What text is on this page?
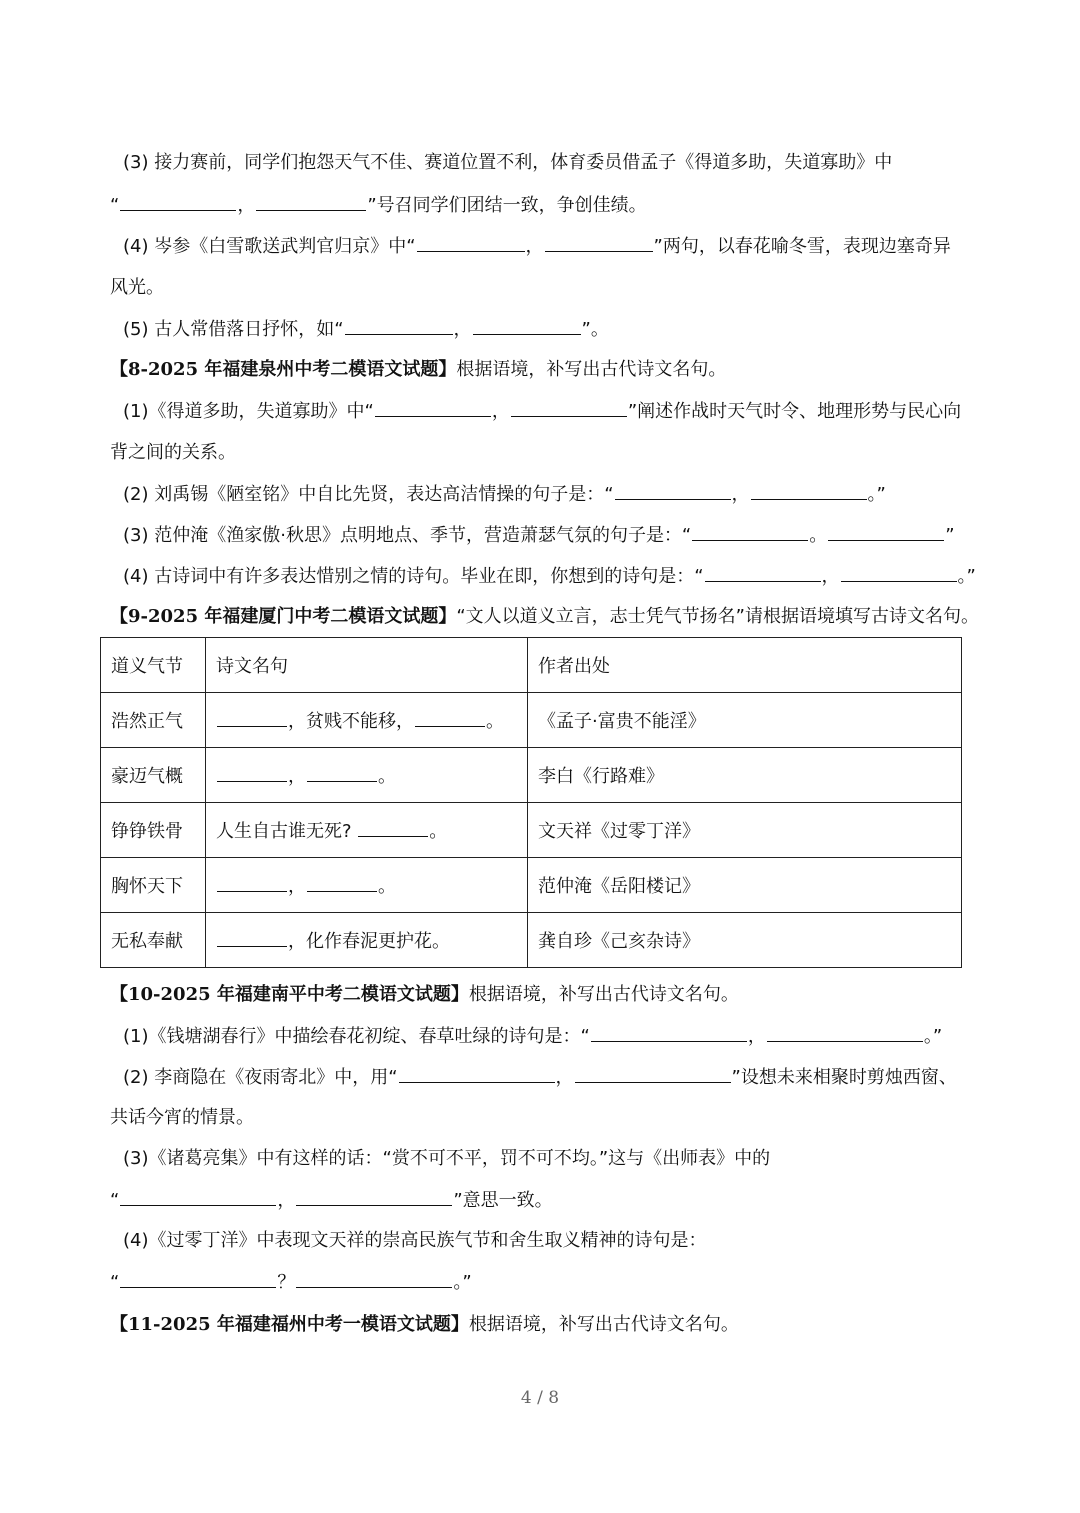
(3) 接力赛前，同学们抱怨天气不佳、赛道位置不利，体育委员借孟子《得道多助，失道寡助》中
“	，	”号召同学们团结一致，争创佳绩。
(4) 岑参《白雪歌送武判官归京》中“	，	”两句，以春花喻冬雪，表现边塞奇异
风光。
(5) 古人常借落日抒怀，如“	，	”。
【8-2025 年福建泉州中考二模语文试题】根据语境，补写出古代诗文名句。
(1)《得道多助，失道寡助》中“	，	”阐述作战时天气时令、地理形势与民心向
背之间的关系。
(2) 刘禹锡《陋室铭》中自比先贤，表达高洁情操的句子是：“	，	。”
(3) 范仲淹《渔家傲·秋思》点明地点、季节，营造萧瑟气氛的句子是：“	。	”
(4) 古诗词中有许多表达惜别之情的诗句。毕业在即，你想到的诗句是：“	，	。”
【9-2025 年福建厦门中考二模语文试题】“文人以道义立言，志士凭气节扬名”请根据语境填写古诗文名句。
道义气节	诗文名句	作者出处
浩然正气	，贫贱不能移， 。	《孟子·富贵不能淫》
豪迈气概	， 。	李白《行路难》
铮铮铁骨	人生自古谁无死? 。	文天祥《过零丁洋》
胸怀天下	， 。	范仲淹《岳阳楼记》
无私奉献	，化作春泥更护花。	龚自珍《己亥杂诗》
【10-2025 年福建南平中考二模语文试题】根据语境，补写出古代诗文名句。
(1)《钱塘湖春行》中描绘春花初绽、春草吐绿的诗句是：“	，	。”
(2) 李商隐在《夜雨寄北》中，用“	，	”设想未来相聚时剪烛西窗、
共话今宵的情景。
(3)《诸葛亮集》中有这样的话：“赏不可不平，罚不可不均。”这与《出师表》中的
“	，	”意思一致。
(4)《过零丁洋》中表现文天祥的崇高民族气节和舍生取义精神的诗句是：
“	？	。”
【11-2025 年福建福州中考一模语文试题】根据语境，补写出古代诗文名句。
4 / 8
